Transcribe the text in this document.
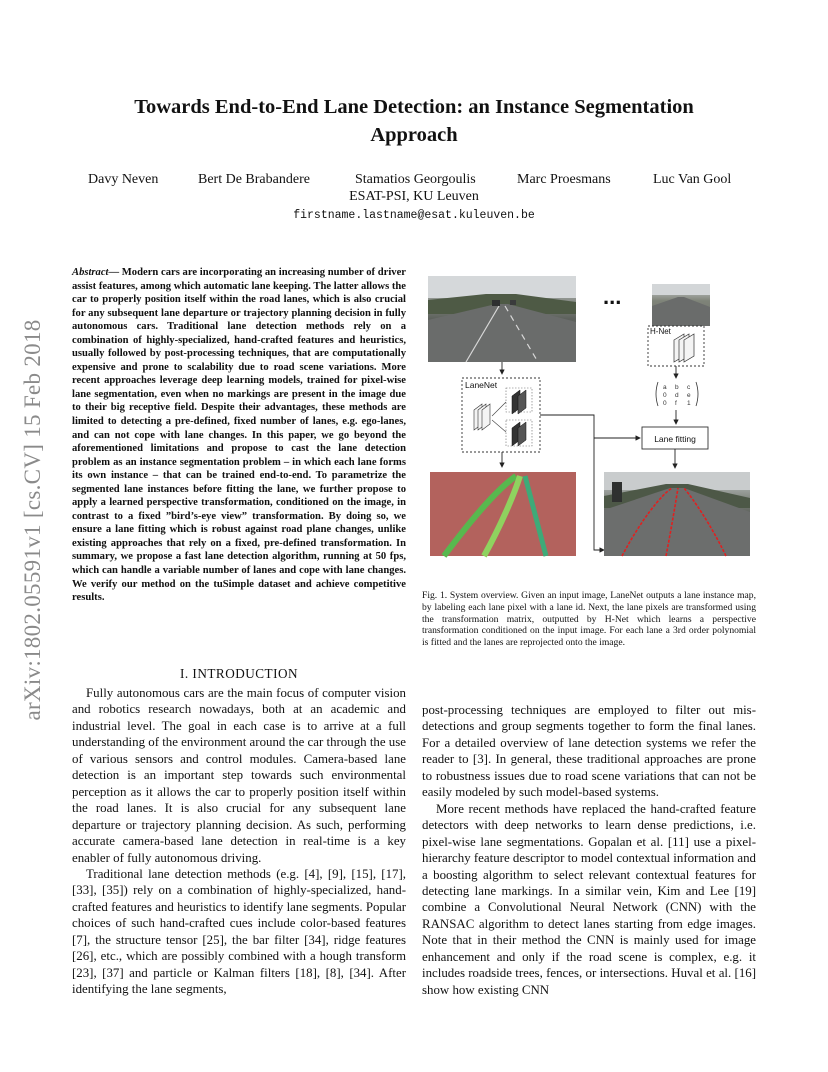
Towards End-to-End Lane Detection: an Instance Segmentation
Approach
Davy Neven	Bert De Brabandere	Stamatios Georgoulis	Marc Proesmans	Luc Van Gool
ESAT-PSI, KU Leuven
firstname.lastname@esat.kuleuven.be
arXiv:1802.05591v1 [cs.CV] 15 Feb 2018
Abstract— Modern cars are incorporating an increasing number of driver assist features, among which automatic lane keeping. The latter allows the car to properly position itself within the road lanes, which is also crucial for any subsequent lane departure or trajectory planning decision in fully autonomous cars. Traditional lane detection methods rely on a combination of highly-specialized, hand-crafted features and heuristics, usually followed by post-processing techniques, that are computationally expensive and prone to scalability due to road scene variations. More recent approaches leverage deep learning models, trained for pixel-wise lane segmentation, even when no markings are present in the image due to their big receptive field. Despite their advantages, these methods are limited to detecting a pre-defined, fixed number of lanes, e.g. ego-lanes, and can not cope with lane changes. In this paper, we go beyond the aforementioned limitations and propose to cast the lane detection problem as an instance segmentation problem – in which each lane forms its own instance – that can be trained end-to-end. To parametrize the segmented lane instances before fitting the lane, we further propose to apply a learned perspective transformation, conditioned on the image, in contrast to a fixed ”bird’s-eye view” transformation. By doing so, we ensure a lane fitting which is robust against road plane changes, unlike existing approaches that rely on a fixed, pre-defined transformation. In summary, we propose a fast lane detection algorithm, running at 50 fps, which can handle a variable number of lanes and cope with lane changes. We verify our method on the tuSimple dataset and achieve competitive results.
I. INTRODUCTION

Fully autonomous cars are the main focus of computer vision and robotics research nowadays, both at an academic and industrial level. The goal in each case is to arrive at a full understanding of the environment around the car through the use of various sensors and control modules. Camera-based lane detection is an important step towards such environmental perception as it allows the car to properly position itself within the road lanes. It is also crucial for any subsequent lane departure or trajectory planning decision. As such, performing accurate camera-based lane detection in real-time is a key enabler of fully autonomous driving.

Traditional lane detection methods (e.g. [4], [9], [15], [17], [33], [35]) rely on a combination of highly-specialized, hand-crafted features and heuristics to identify lane segments. Popular choices of such hand-crafted cues include color-based features [7], the structure tensor [25], the bar filter [34], ridge features [26], etc., which are possibly combined with a hough transform [23], [37] and particle or Kalman filters [18], [8], [34]. After identifying the lane segments,

post-processing techniques are employed to filter out mis-detections and group segments together to form the final lanes. For a detailed overview of lane detection systems we refer the reader to [3]. In general, these traditional approaches are prone to robustness issues due to road scene variations that can not be easily modeled by such model-based systems.

More recent methods have replaced the hand-crafted feature detectors with deep networks to learn dense predictions, i.e. pixel-wise lane segmentations. Gopalan et al. [11] use a pixel-hierarchy feature descriptor to model contextual information and a boosting algorithm to select relevant contextual features for detecting lane markings. In a similar vein, Kim and Lee [19] combine a Convolutional Neural Network (CNN) with the RANSAC algorithm to detect lanes starting from edge images. Note that in their method the CNN is mainly used for image enhancement and only if the road scene is complex, e.g. it includes roadside trees, fences, or intersections. Huval et al. [16] show how existing CNN

...
H-Net
a b c
0 d e
0 f 1
Lane fitting
LaneNet
Fig. 1. System overview. Given an input image, LaneNet outputs a lane instance map, by labeling each lane pixel with a lane id. Next, the lane pixels are transformed using the transformation matrix, outputted by H-Net which learns a perspective transformation conditioned on the input image. For each lane a 3rd order polynomial is fitted and the lanes are reprojected onto the image.
